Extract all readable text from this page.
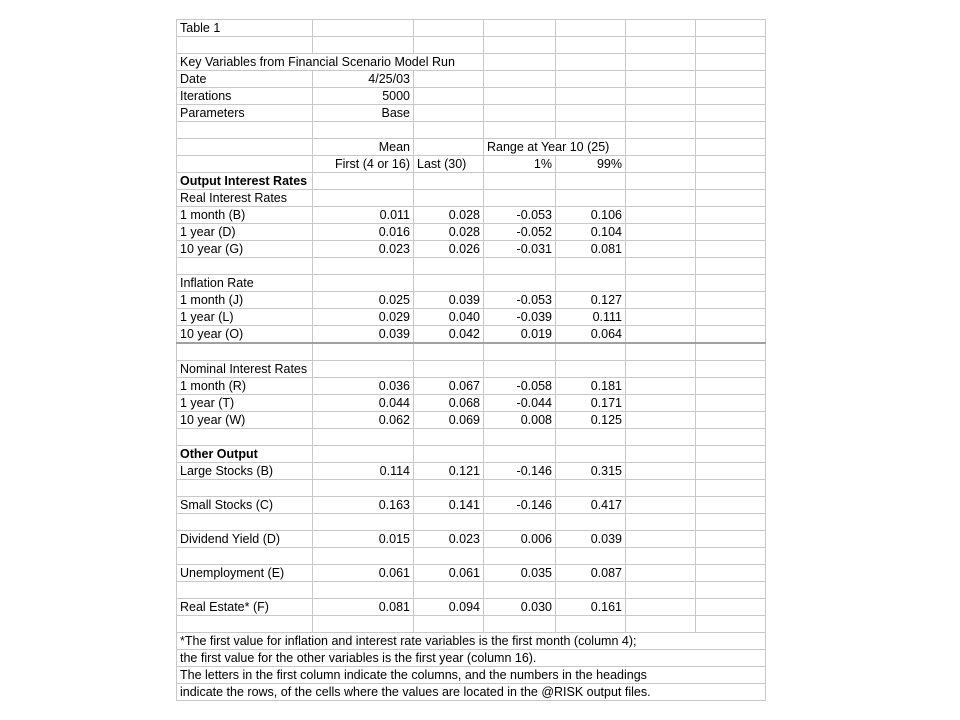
Table 1						

Key Variables from Financial Scenario Model Run						
Date	4/25/03					
Iterations	5000					
Parameters	Base					

	Mean		Range at Year 10 (25)			
	First (4 or 16)	Last (30)	1%	99%		
Output Interest Rates						
Real Interest Rates						
1 month (B)	0.011	0.028	-0.053	0.106		
1 year (D)	0.016	0.028	-0.052	0.104		
10 year (G)	0.023	0.026	-0.031	0.081		

Inflation Rate						
1 month (J)	0.025	0.039	-0.053	0.127		
1 year (L)	0.029	0.040	-0.039	0.111		
10 year (O)	0.039	0.042	0.019	0.064		

Nominal Interest Rates						
1 month (R)	0.036	0.067	-0.058	0.181		
1 year (T)	0.044	0.068	-0.044	0.171		
10 year (W)	0.062	0.069	0.008	0.125		

Other Output						
Large Stocks (B)	0.114	0.121	-0.146	0.315		

Small Stocks (C)	0.163	0.141	-0.146	0.417		

Dividend Yield (D)	0.015	0.023	0.006	0.039		

Unemployment (E)	0.061	0.061	0.035	0.087		

Real Estate* (F)	0.081	0.094	0.030	0.161		

*The first value for inflation and interest rate variables is the first month (column 4);						
the first value for the other variables is the first year (column 16).						
The letters in the first column indicate the columns, and the numbers in the headings						
indicate the rows, of the cells where the values are located in the @RISK output files.						
